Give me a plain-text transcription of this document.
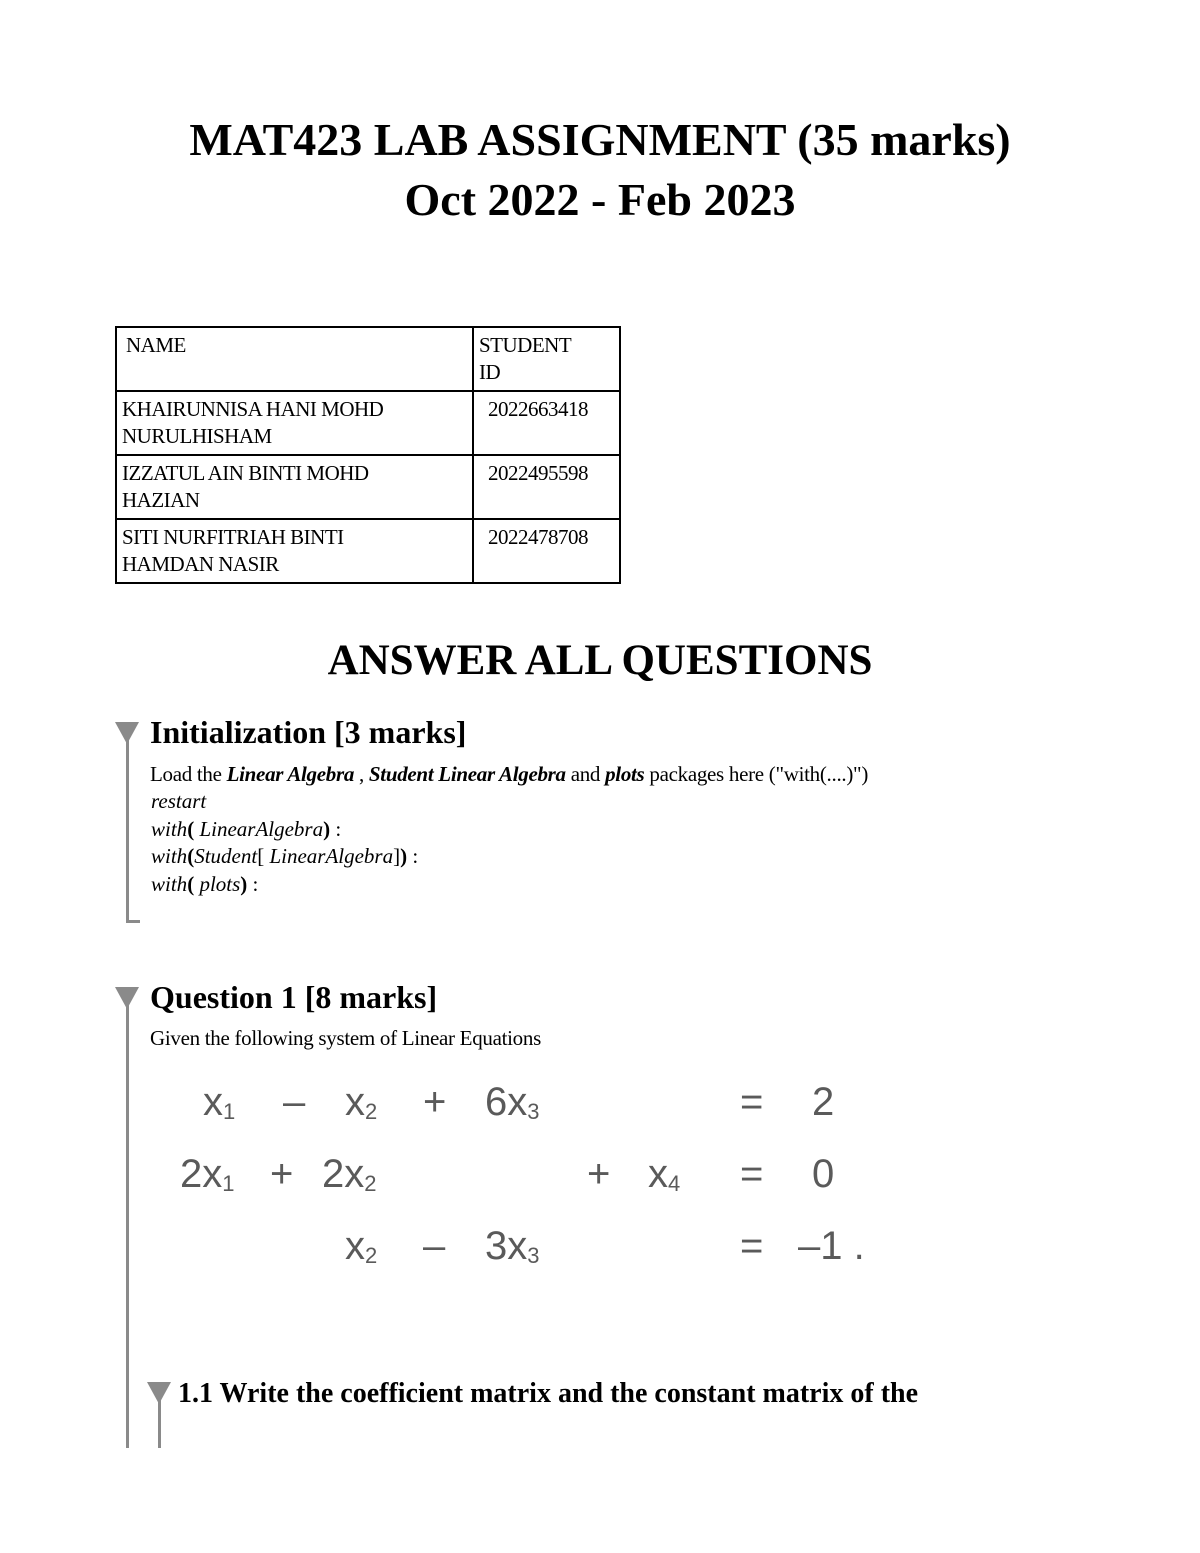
MAT423 LAB ASSIGNMENT (35 marks)
Oct 2022 - Feb 2023
NAME	STUDENT
ID
KHAIRUNNISA HANI MOHD
NURULHISHAM	2022663418
IZZATUL AIN BINTI MOHD
HAZIAN	2022495598
SITI NURFITRIAH BINTI
HAMDAN NASIR	2022478708
ANSWER ALL QUESTIONS
Initialization [3 marks]
Load the Linear Algebra , Student Linear Algebra and plots packages here ("with(....)")
restart
with( LinearAlgebra) :
with(Student[ LinearAlgebra]) :
with( plots) :
Question 1 [8 marks]
Given the following system of Linear Equations
$x_1 - x_2 + 6x_3$	= 2
$2x_1 + 2x_2$	+ $x_4 = 0$
$x_2 - 3x_3$	= –1 .
1.1 Write the coefficient matrix and the constant matrix of the
